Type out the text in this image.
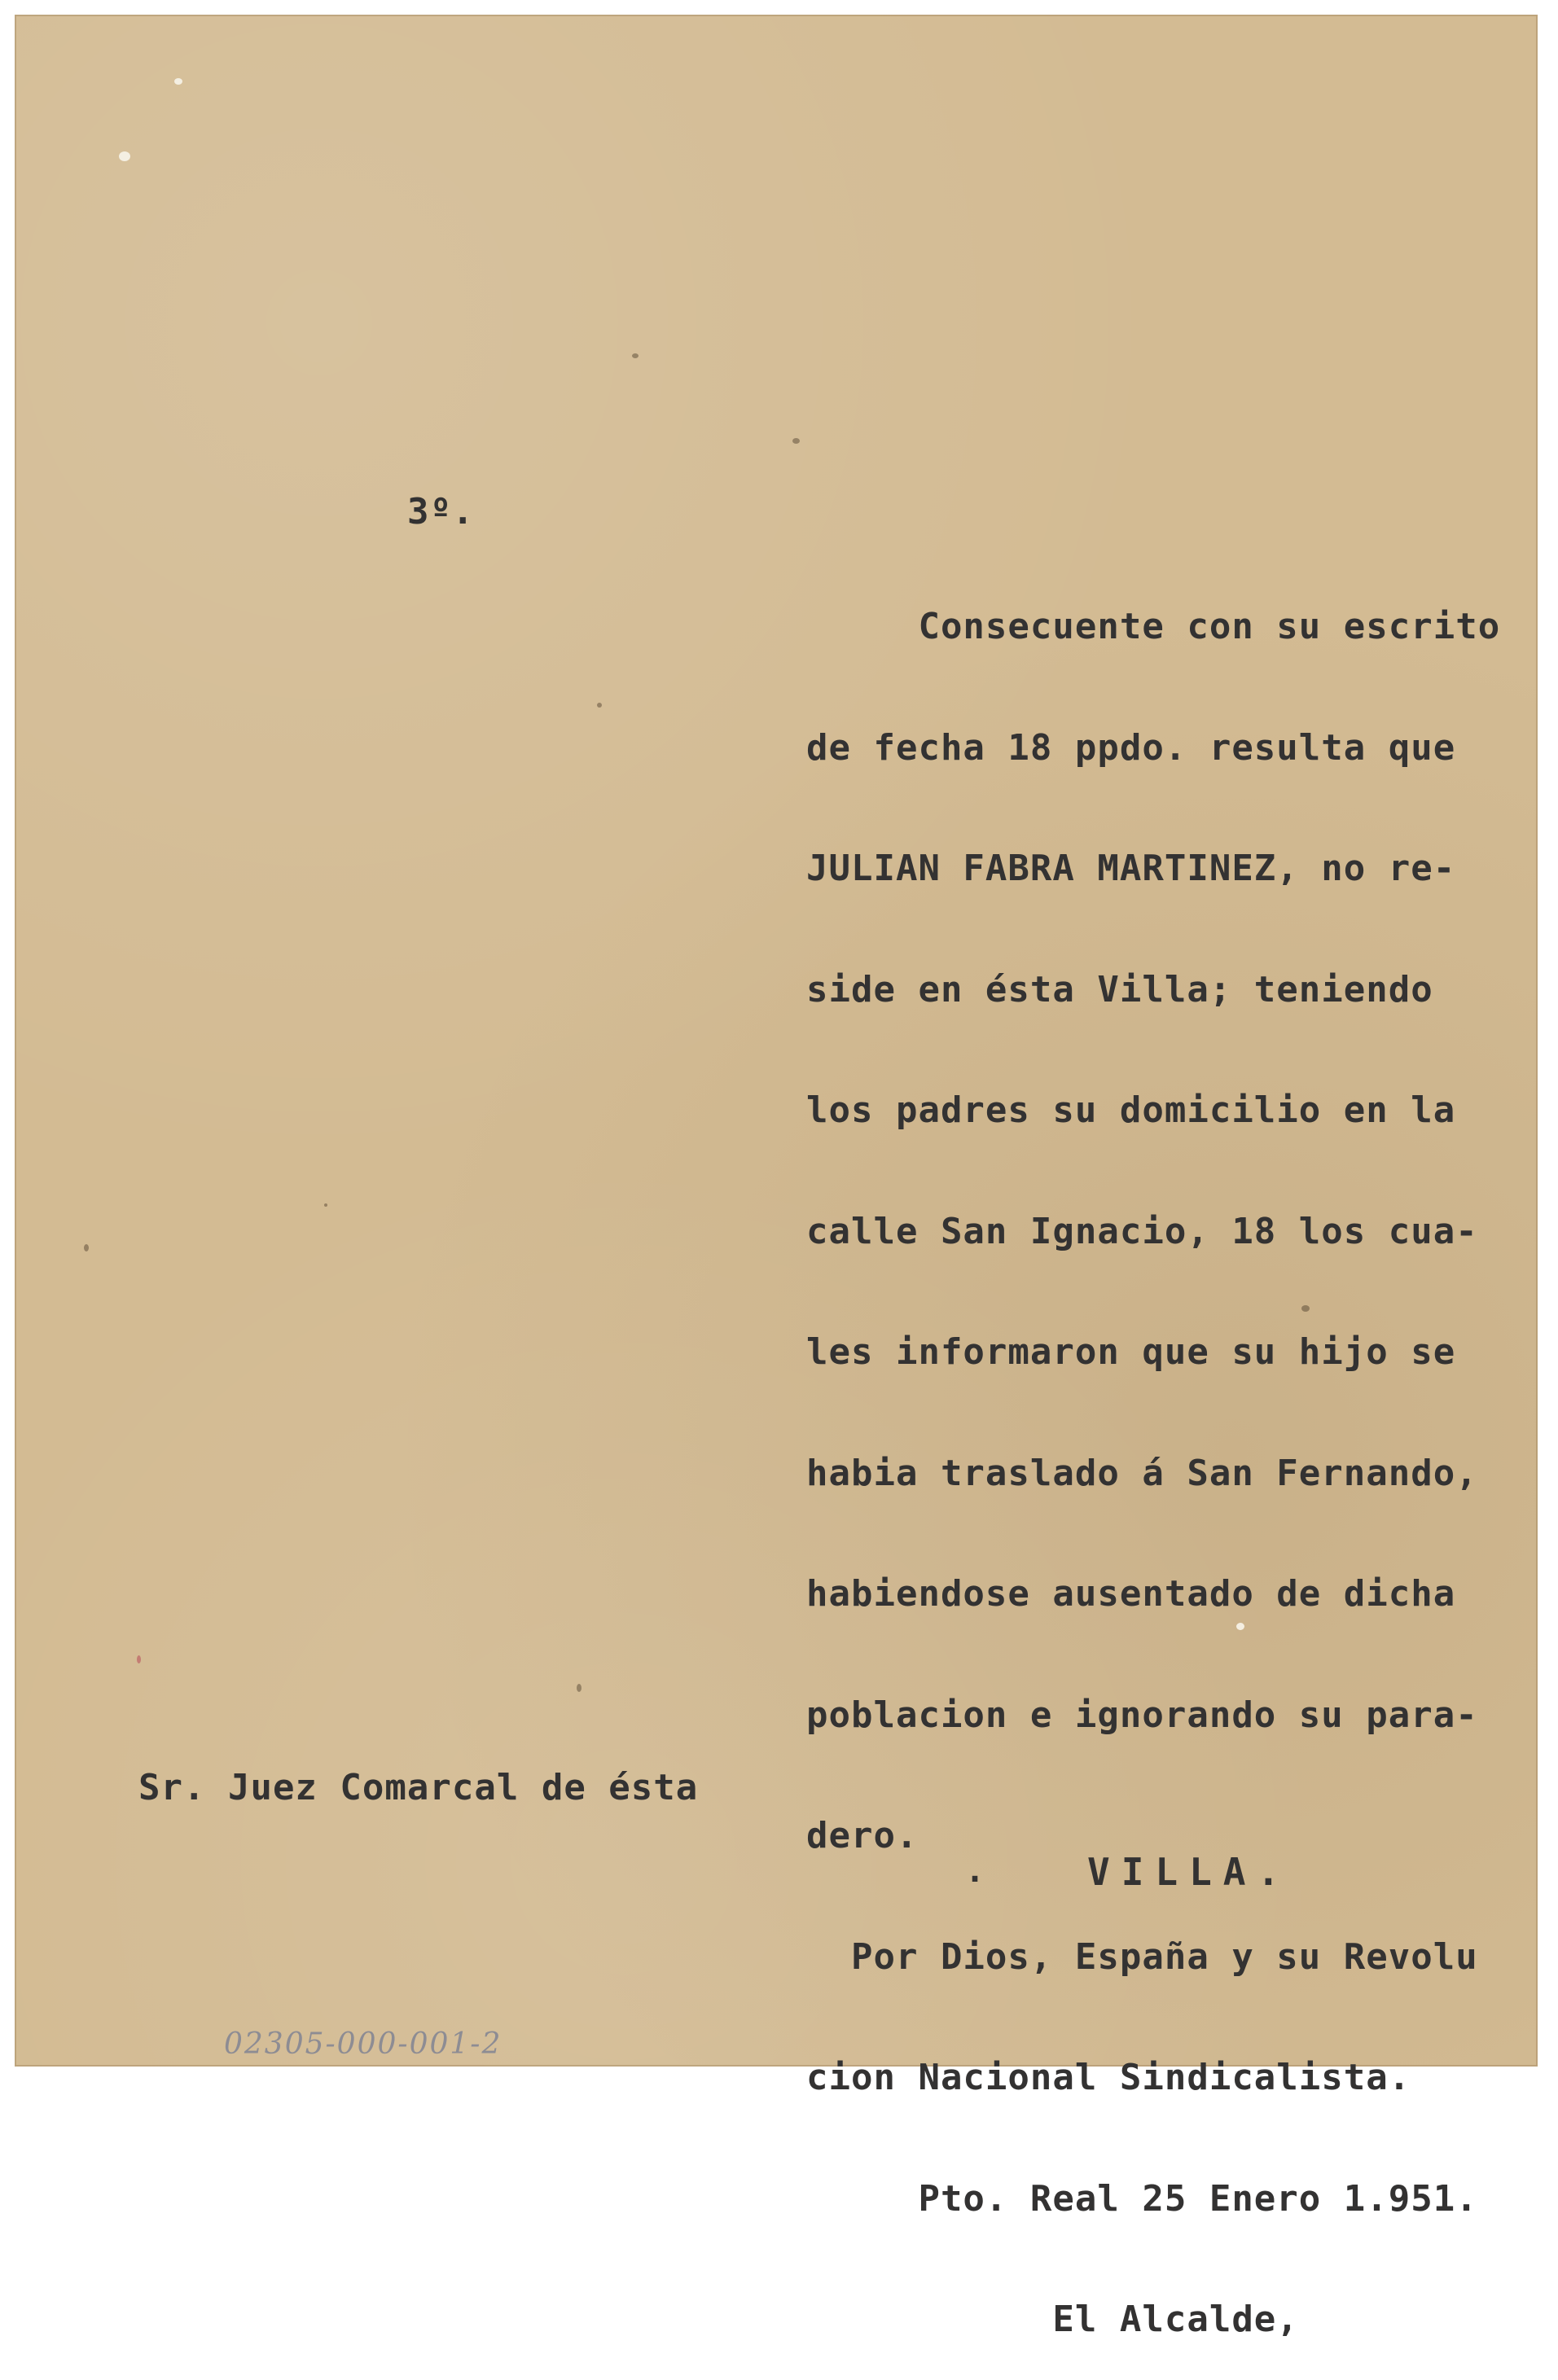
3º.

Consecuente con su escrito

de fecha 18 ppdo. resulta que

JULIAN FABRA MARTINEZ, no re-

side en ésta Villa; teniendo

los padres su domicilio en la

calle San Ignacio, 18 los cua-

les informaron que su hijo se

habia traslado á San Fernando,

habiendose ausentado de dicha

poblacion e ignorando su para-

dero.

Por Dios, España y su Revolu

cion Nacional Sindicalista.

Pto. Real 25 Enero 1.951.

El Alcalde,

Sr. Juez Comarcal de ésta
.	VILLA.
02305-000-001-2
